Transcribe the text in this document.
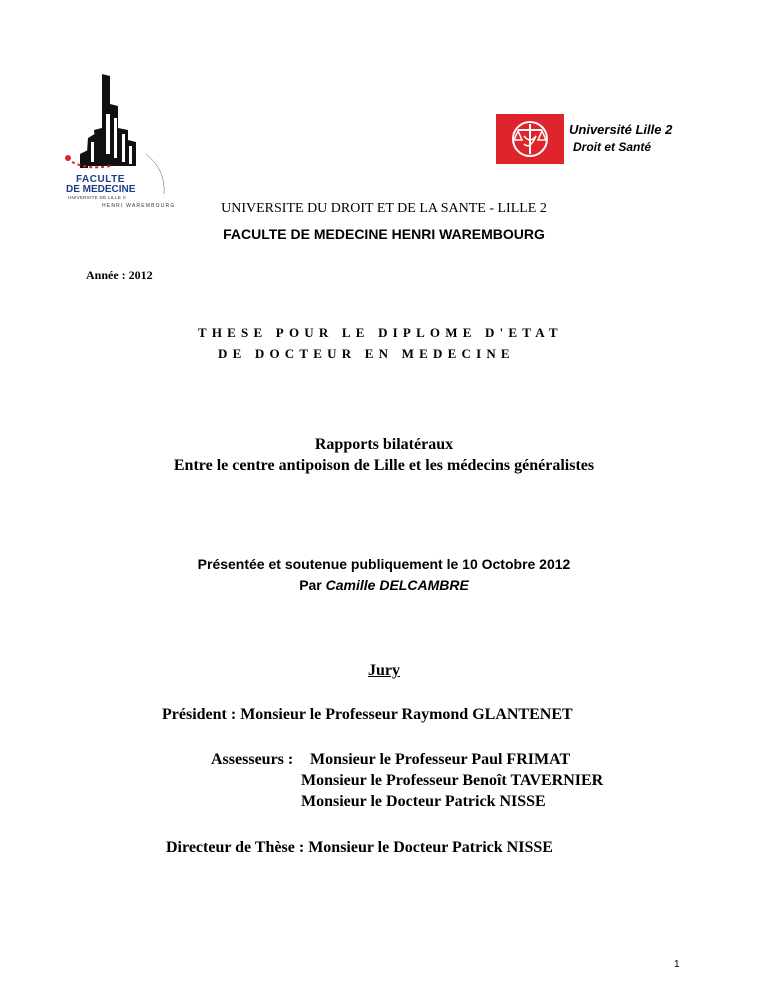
FACULTE
DE MEDECINE
UNIVERSITE DE LILLE II
HENRI WAREMBOURG
Université Lille 2
Droit et Santé
UNIVERSITE DU DROIT ET DE LA SANTE - LILLE 2
FACULTE DE MEDECINE HENRI WAREMBOURG
Année : 2012
THESE POUR LE DIPLOME D'ETAT
DE DOCTEUR EN MEDECINE
Rapports bilatéraux
Entre le centre antipoison de Lille et les médecins généralistes
Présentée et soutenue publiquement le 10 Octobre 2012
Par Camille DELCAMBRE
Jury
Président : Monsieur le Professeur Raymond GLANTENET
Assesseurs : Monsieur le Professeur Paul FRIMAT
Monsieur le Professeur Benoît TAVERNIER
Monsieur le Docteur Patrick NISSE
Directeur de Thèse : Monsieur le Docteur Patrick NISSE
1
